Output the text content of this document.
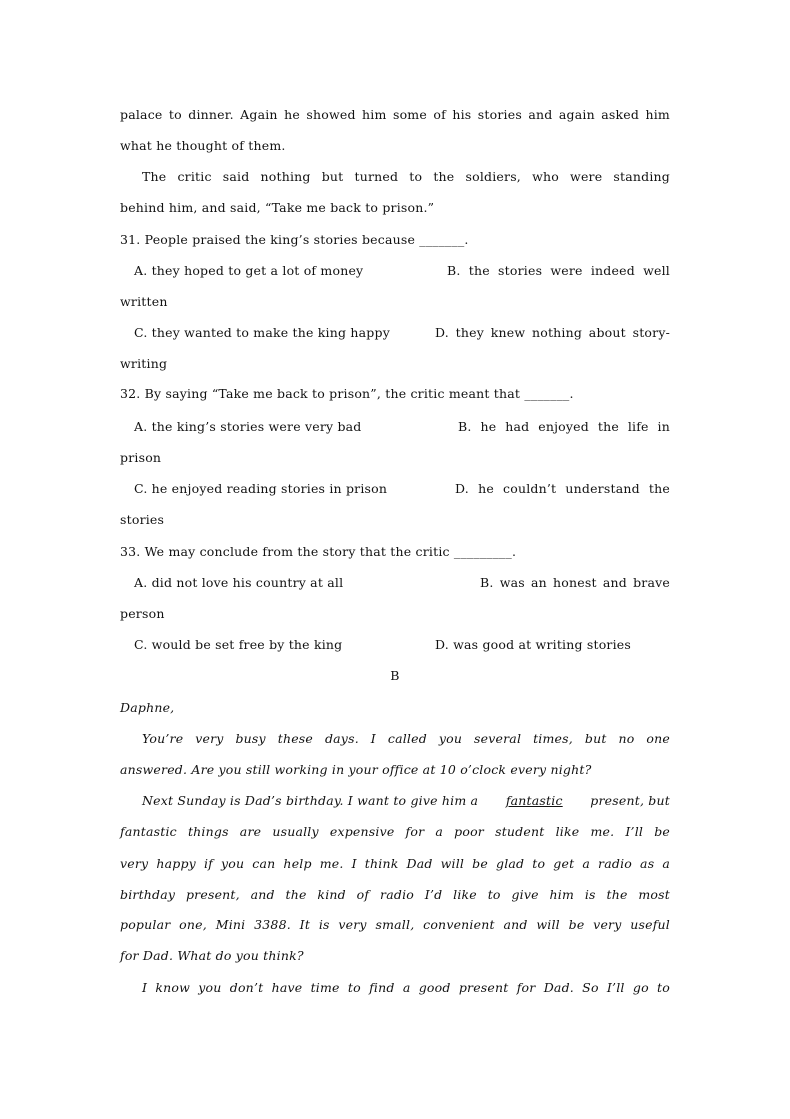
palace to dinner. Again he showed him some of his stories and again asked him
what he thought of them.
The critic said nothing but turned to the soldiers, who were standing
behind him, and said, “Take me back to prison.”
31. People praised the king’s stories because _______.
A. they hoped to get a lot of money	B. the stories were indeed well
written
C. they wanted to make the king happy	D. they knew nothing about story-
writing
32. By saying “Take me back to prison”, the critic meant that _______.
A. the king’s stories were very bad	B. he had enjoyed the life in
prison
C. he enjoyed reading stories in prison	D. he couldn’t understand the
stories
33. We may conclude from the story that the critic _________.
A. did not love his country at all	B. was an honest and brave
person
C. would be set free by the king	D. was good at writing stories
B
Daphne,
You’re very busy these days. I called you several times, but no one
answered. Are you still working in your office at 10 o’clock every night?
Next Sunday is Dad’s birthday. I want to give him a fantastic present, but
fantastic things are usually expensive for a poor student like me. I’ll be
very happy if you can help me. I think Dad will be glad to get a radio as a
birthday present, and the kind of radio I’d like to give him is the most
popular one, Mini 3388. It is very small, convenient and will be very useful
for Dad. What do you think?
I know you don’t have time to find a good present for Dad. So I’ll go to
